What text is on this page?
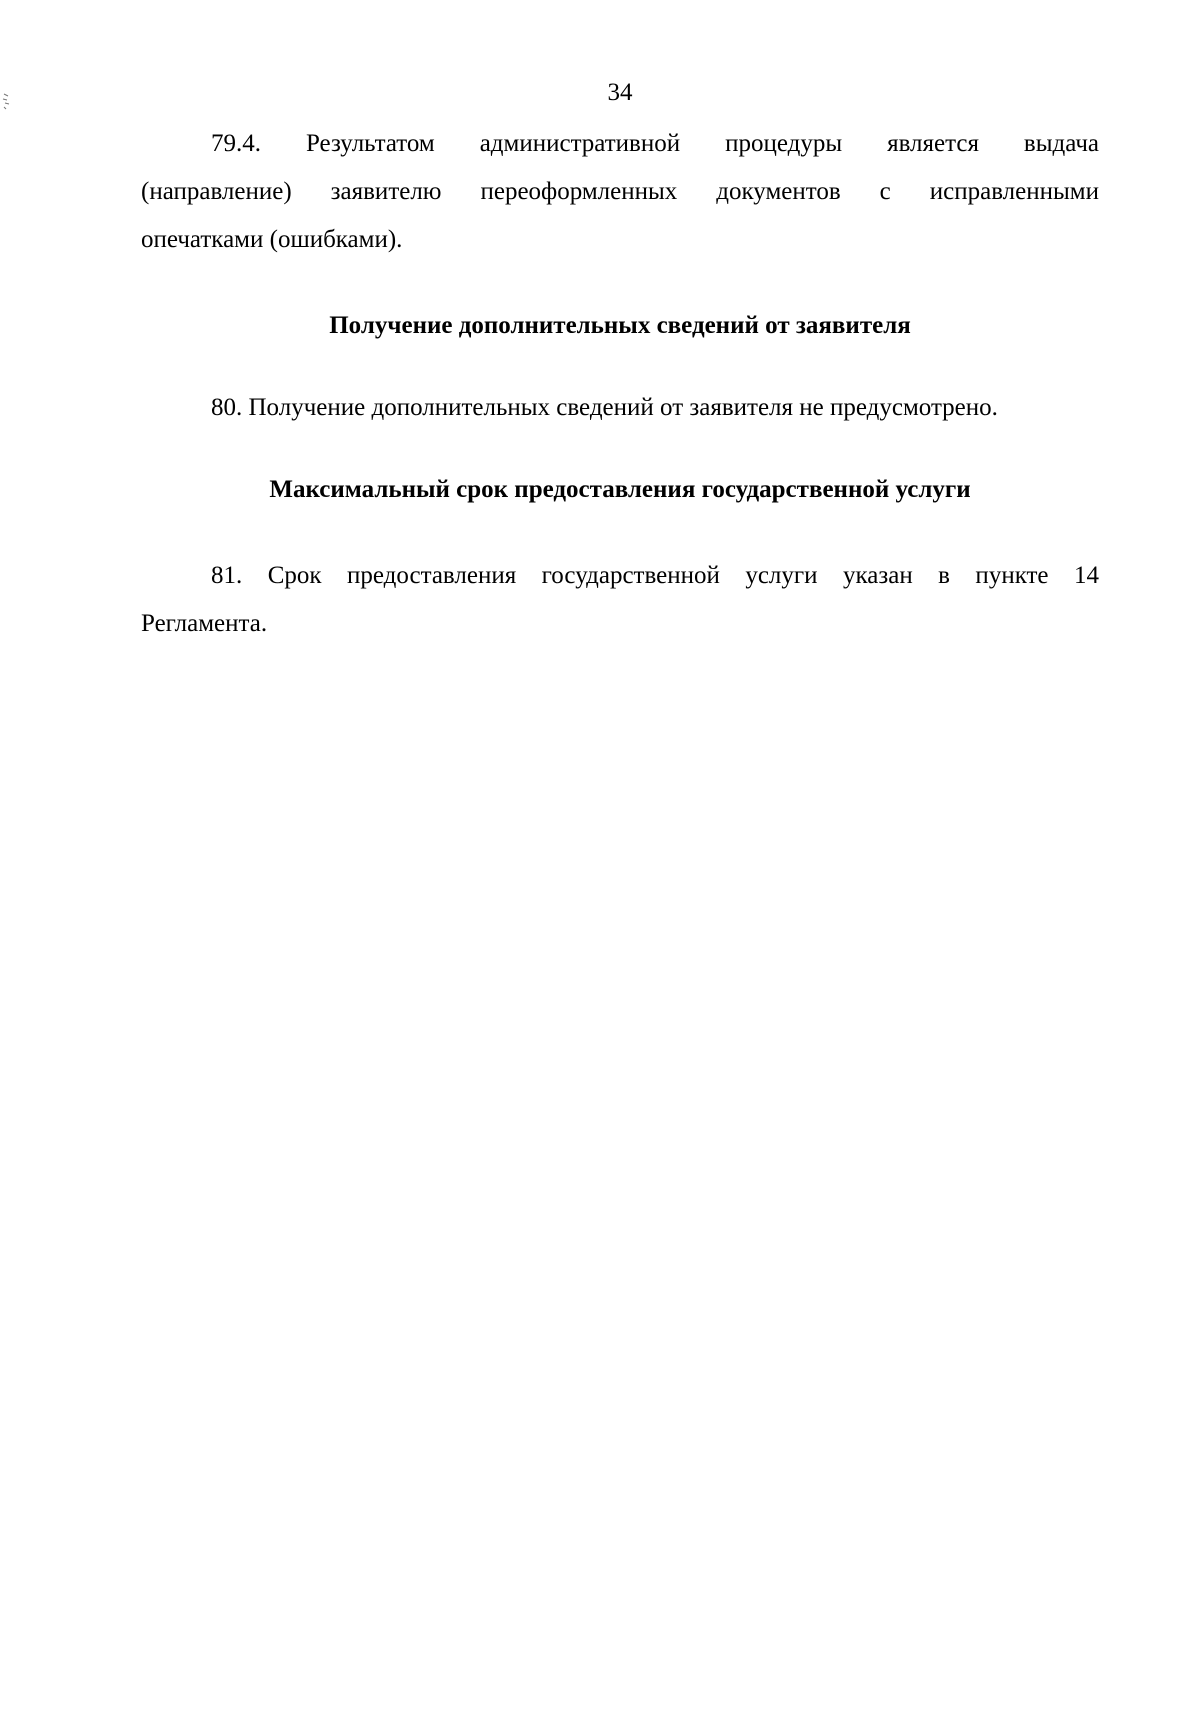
34

79.4. Результатом административной процедуры является выдача
(направление) заявителю переоформленных документов с исправленными
опечатками (ошибками).

Получение дополнительных сведений от заявителя

80. Получение дополнительных сведений от заявителя не предусмотрено.

Максимальный срок предоставления государственной услуги

81. Срок предоставления государственной услуги указан в пункте 14
Регламента.
